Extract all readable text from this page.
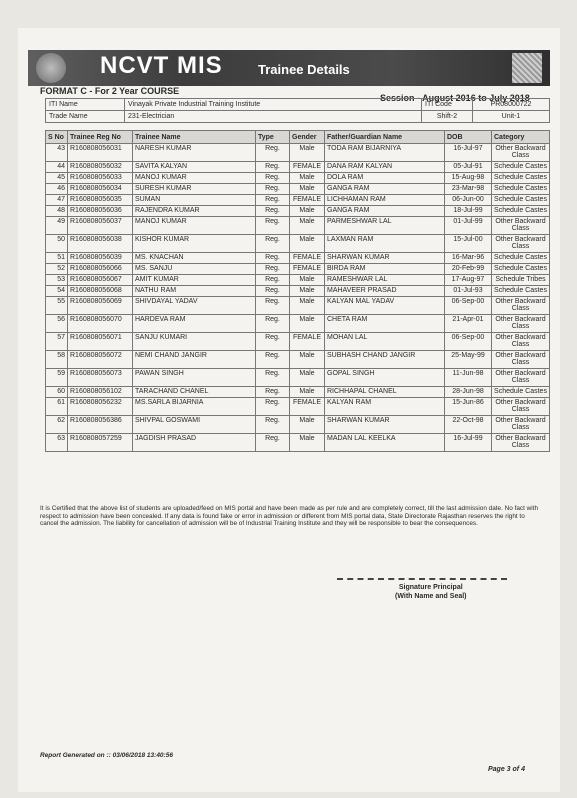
NCVT MIS	Trainee Details
FORMAT C - For 2 Year COURSE
Session - August 2016 to July 2018
ITI Name	Vinayak Private Industrial Training Institute	ITI Code	PR08000722
Trade Name	231-Electrician	Shift-2	Unit-1
S No	Trainee Reg No	Trainee Name	Type	Gender	Father/Guardian Name	DOB	Category
43	R160808056031	NARESH KUMAR	Reg.	Male	TODA RAM BIJARNIYA	16-Jul-97	Other Backward Class
44	R160808056032	SAVITA KALYAN	Reg.	FEMALE	DANA RAM KALYAN	05-Jul-91	Schedule Castes
45	R160808056033	MANOJ KUMAR	Reg.	Male	DOLA RAM	15-Aug-98	Schedule Castes
46	R160808056034	SURESH KUMAR	Reg.	Male	GANGA RAM	23-Mar-98	Schedule Castes
47	R160808056035	SUMAN	Reg.	FEMALE	LICHHAMAN RAM	06-Jun-00	Schedule Castes
48	R160808056036	RAJENDRA KUMAR	Reg.	Male	GANGA RAM	18-Jul-99	Schedule Castes
49	R160808056037	MANOJ KUMAR	Reg.	Male	PARMESHWAR LAL	01-Jul-99	Other Backward Class
50	R160808056038	KISHOR KUMAR	Reg.	Male	LAXMAN RAM	15-Jul-00	Other Backward Class
51	R160808056039	MS. KNACHAN	Reg.	FEMALE	SHARWAN KUMAR	16-Mar-96	Schedule Castes
52	R160808056066	MS. SANJU	Reg.	FEMALE	BIRDA RAM	20-Feb-99	Schedule Castes
53	R160808056067	AMIT KUMAR	Reg.	Male	RAMESHWAR LAL	17-Aug-97	Schedule Tribes
54	R160808056068	NATHU RAM	Reg.	Male	MAHAVEER PRASAD	01-Jul-93	Schedule Castes
55	R160808056069	SHIVDAYAL YADAV	Reg.	Male	KALYAN MAL YADAV	06-Sep-00	Other Backward Class
56	R160808056070	HARDEVA RAM	Reg.	Male	CHETA RAM	21-Apr-01	Other Backward Class
57	R160808056071	SANJU KUMARI	Reg.	FEMALE	MOHAN LAL	06-Sep-00	Other Backward Class
58	R160808056072	NEMI CHAND JANGIR	Reg.	Male	SUBHASH CHAND JANGIR	25-May-99	Other Backward Class
59	R160808056073	PAWAN SINGH	Reg.	Male	GOPAL SINGH	11-Jun-98	Other Backward Class
60	R160808056102	TARACHAND CHANEL	Reg.	Male	RICHHAPAL CHANEL	28-Jun-98	Schedule Castes
61	R160808056232	MS.SARLA BIJARNIA	Reg.	FEMALE	KALYAN RAM	15-Jun-86	Other Backward Class
62	R160808056386	SHIVPAL GOSWAMI	Reg.	Male	SHARWAN KUMAR	22-Oct-98	Other Backward Class
63	R160808057259	JAGDISH PRASAD	Reg.	Male	MADAN LAL KEELKA	16-Jul-99	Other Backward Class
It is Certified that the above list of students are uploaded/feed on MIS portal and have been made as per rule and are completely correct, till the last admission date. No fact with respect to admission have been concealed. If any data is found fake or error in admission or different from MIS portal data, State Directorate Rajasthan reserves the right to cancel the admission. The liability for cancellation of admission will be of Industrial Training Institute and they will be responsible to bear the consequences.
Signature Principal
(With Name and Seal)
Report Generated on :: 03/06/2018 13:40:56
Page 3 of 4
